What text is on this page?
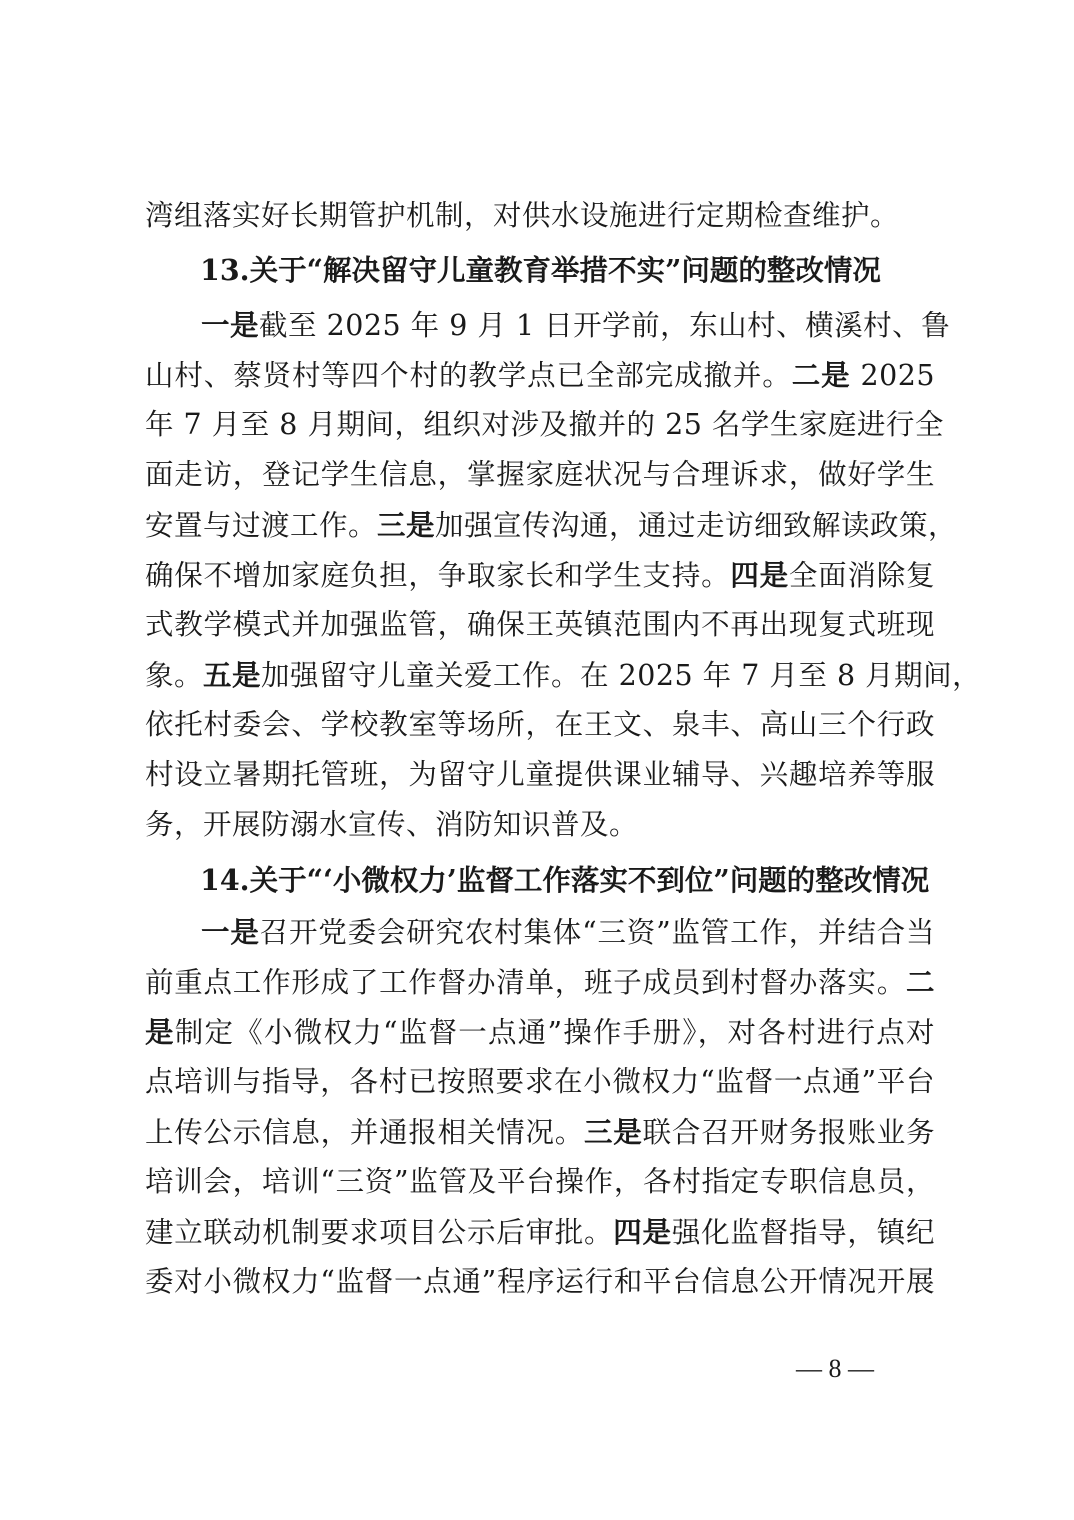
湾组落实好长期管护机制，对供水设施进行定期检查维护。
13.关于“解决留守儿童教育举措不实”问题的整改情况
一是截至 2025 年 9 月 1 日开学前，东山村、横溪村、鲁
山村、蔡贤村等四个村的教学点已全部完成撤并。二是 2025
年 7 月至 8 月期间，组织对涉及撤并的 25 名学生家庭进行全
面走访，登记学生信息，掌握家庭状况与合理诉求，做好学生
安置与过渡工作。三是加强宣传沟通，通过走访细致解读政策，
确保不增加家庭负担，争取家长和学生支持。四是全面消除复
式教学模式并加强监管，确保王英镇范围内不再出现复式班现
象。五是加强留守儿童关爱工作。在 2025 年 7 月至 8 月期间，
依托村委会、学校教室等场所，在王文、泉丰、高山三个行政
村设立暑期托管班，为留守儿童提供课业辅导、兴趣培养等服
务，开展防溺水宣传、消防知识普及。
14.关于“‘小微权力’监督工作落实不到位”问题的整改情况
一是召开党委会研究农村集体“三资”监管工作，并结合当
前重点工作形成了工作督办清单，班子成员到村督办落实。二
是制定《小微权力“监督一点通”操作手册》，对各村进行点对
点培训与指导，各村已按照要求在小微权力“监督一点通”平台
上传公示信息，并通报相关情况。三是联合召开财务报账业务
培训会，培训“三资”监管及平台操作，各村指定专职信息员，
建立联动机制要求项目公示后审批。四是强化监督指导，镇纪
委对小微权力“监督一点通”程序运行和平台信息公开情况开展
— 8 —
